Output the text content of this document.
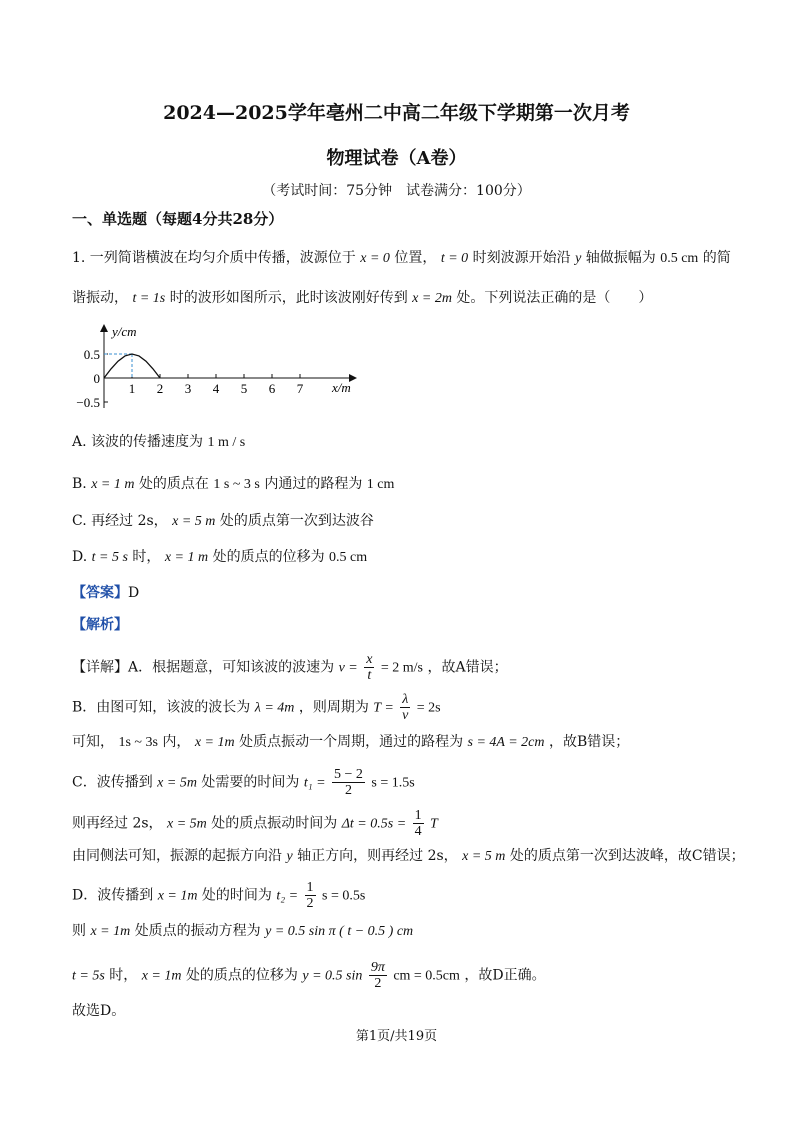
2024—2025学年亳州二中高二年级下学期第一次月考
物理试卷（A卷）
（考试时间：75分钟　试卷满分：100分）
一、单选题（每题4分共28分）
1. 一列简谐横波在均匀介质中传播，波源位于 x = 0 位置， t = 0 时刻波源开始沿 y 轴做振幅为 0.5 cm 的简
谐振动， t = 1s 时的波形如图所示，此时该波刚好传到 x = 2m 处。下列说法正确的是（　　）
1 2 3 4 5 6 7
0.5
0
−0.5
y/cm
x/m
A. 该波的传播速度为 1 m / s
B. x = 1 m 处的质点在 1 s ~ 3 s 内通过的路程为 1 cm
C. 再经过 2s， x = 5 m 处的质点第一次到达波谷
D. t = 5 s 时， x = 1 m 处的质点的位移为 0.5 cm
【答案】D
【解析】
【详解】A．根据题意，可知该波的波速为 $v = \frac{x}{t} = 2$ m/s ，故A错误；
B．由图可知，该波的波长为 λ = 4m ，则周期为 $T = \frac{\lambda}{v} = 2s$
可知， 1s ~ 3s 内， x = 1m 处质点振动一个周期，通过的路程为 s = 4A = 2cm ，故B错误；
C．波传播到 x = 5m 处需要的时间为 $t_1 = \frac{5 - 2}{2}$ s = 1.5s
则再经过 2s， x = 5m 处的质点振动时间为 $\Delta t = 0.5s = \frac{1}{4}$ T
由同侧法可知，振源的起振方向沿 y 轴正方向，则再经过 2s， x = 5 m 处的质点第一次到达波峰，故C错误；
D．波传播到 x = 1m 处的时间为 $t_2 = \frac{1}{2}$ s = 0.5s
则 x = 1m 处质点的振动方程为 y = 0.5 sin π ( t − 0.5 ) cm
t = 5s 时， x = 1m 处的质点的位移为 y = 0.5 $\sin \frac{9\pi}{2}$ cm = 0.5cm ，故D正确。
故选D。
第1页/共19页
